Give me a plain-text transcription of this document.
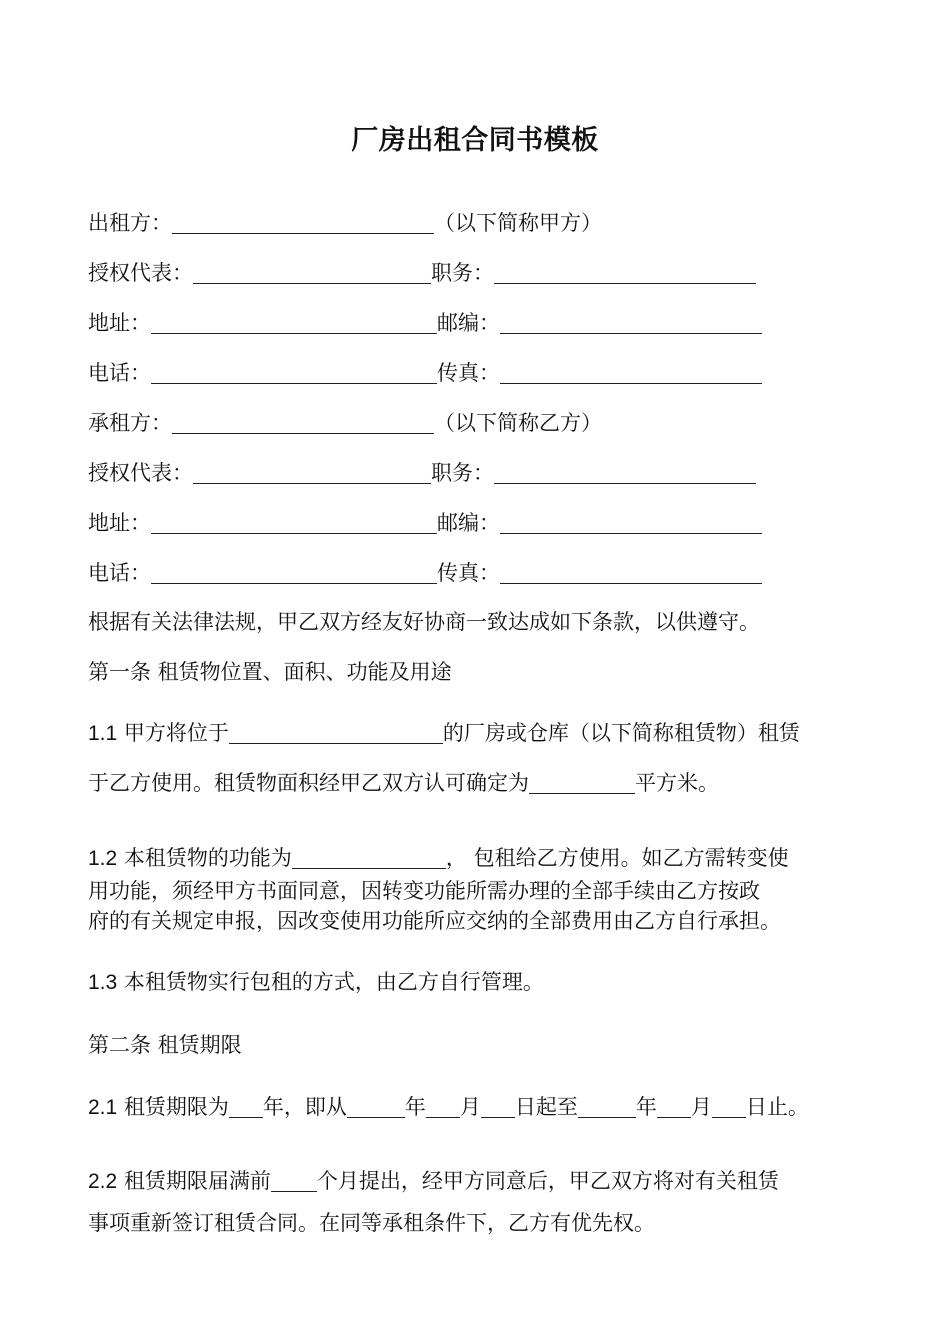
厂房出租合同书模板
出租方：	（以下简称甲方）
授权代表：	职务：
地址：	邮编：
电话：	传真：
承租方：	（以下简称乙方）
授权代表：	职务：
地址：	邮编：
电话：	传真：
根据有关法律法规，甲乙双方经友好协商一致达成如下条款，以供遵守。
第一条 租赁物位置、面积、功能及用途
1.1 甲方将位于	的厂房或仓库（以下简称租赁物）租赁
于乙方使用。租赁物面积经甲乙双方认可确定为	平方米。
1.2 本租赁物的功能为	， 包租给乙方使用。如乙方需转变使
用功能，须经甲方书面同意，因转变功能所需办理的全部手续由乙方按政
府的有关规定申报，因改变使用功能所应交纳的全部费用由乙方自行承担。
1.3 本租赁物实行包租的方式，由乙方自行管理。
第二条 租赁期限
2.1 租赁期限为 年，即从	年 月 日起至	年 月 日止。
2.2 租赁期限届满前 个月提出，经甲方同意后，甲乙双方将对有关租赁
事项重新签订租赁合同。在同等承租条件下，乙方有优先权。
